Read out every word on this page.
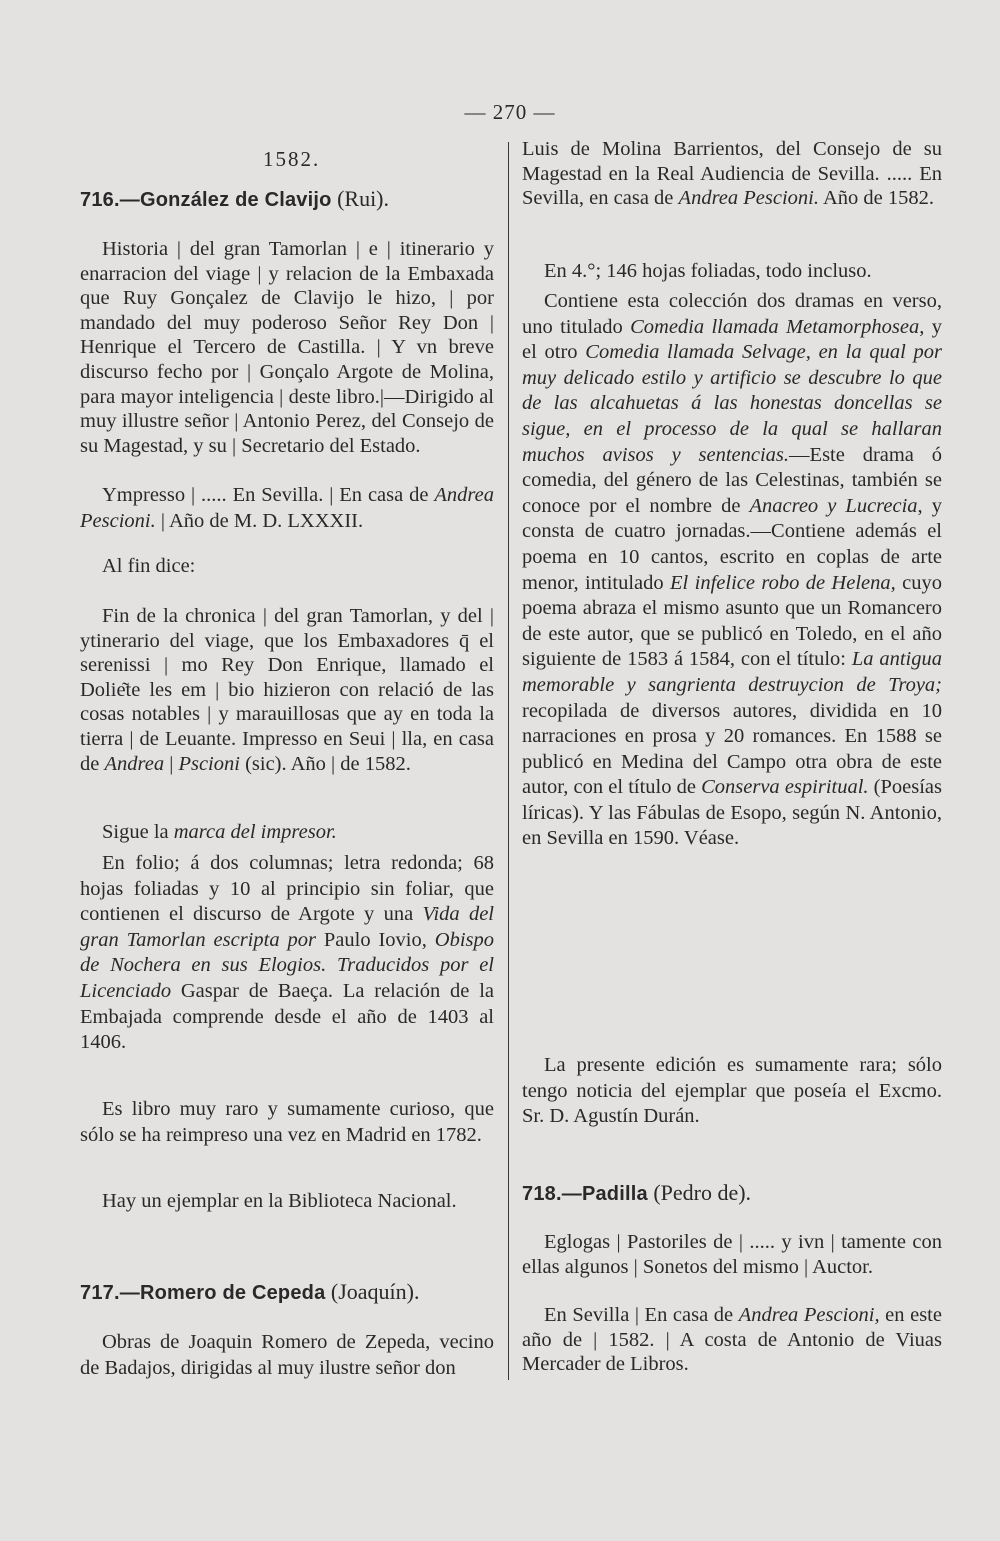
— 270 —
1582.
716.—González de Clavijo (Rui).

Historia | del gran Tamorlan | e | itinerario y enarracion del viage | y relacion de la Embaxada que Ruy Gonçalez de Clavijo le hizo, | por mandado del muy poderoso Señor Rey Don | Henrique el Tercero de Castilla. | Y vn breve discurso fecho por | Gonçalo Argote de Molina, para mayor inteligencia | deste libro.|—Dirigido al muy illustre señor | Antonio Perez, del Consejo de su Magestad, y su | Secretario del Estado.

Ympresso | ..... En Sevilla. | En casa de Andrea Pescioni. | Año de M. D. LXXXII.

Al fin dice:

Fin de la chronica | del gran Tamorlan, y del | ytinerario del viage, que los Embaxadores q̄ el serenissi | mo Rey Don Enrique, llamado el Dolie͂te les em | bio hizieron con relació de las cosas notables | y marauillosas que ay en toda la tierra | de Leuante. Impresso en Seui | lla, en casa de Andrea | Pscioni (sic). Año | de 1582.

Sigue la marca del impresor.

En folio; á dos columnas; letra redonda; 68 hojas foliadas y 10 al principio sin foliar, que contienen el discurso de Argote y una Vida del gran Tamorlan escripta por Paulo Iovio, Obispo de Nochera en sus Elogios. Traducidos por el Licenciado Gaspar de Baeça. La relación de la Embajada comprende desde el año de 1403 al 1406.

Es libro muy raro y sumamente curioso, que sólo se ha reimpreso una vez en Madrid en 1782.

Hay un ejemplar en la Biblioteca Nacional.

717.—Romero de Cepeda (Joaquín).

Obras de Joaquin Romero de Zepeda, vecino de Badajos, dirigidas al muy ilustre señor don

Luis de Molina Barrientos, del Consejo de su Magestad en la Real Audiencia de Sevilla. ..... En Sevilla, en casa de Andrea Pescioni. Año de 1582.

En 4.°; 146 hojas foliadas, todo incluso.

Contiene esta colección dos dramas en verso, uno titulado Comedia llamada Metamorphosea, y el otro Comedia llamada Selvage, en la qual por muy delicado estilo y artificio se descubre lo que de las alcahuetas á las honestas doncellas se sigue, en el processo de la qual se hallaran muchos avisos y sentencias.—Este drama ó comedia, del género de las Celestinas, también se conoce por el nombre de Anacreo y Lucrecia, y consta de cuatro jornadas.—Contiene además el poema en 10 cantos, escrito en coplas de arte menor, intitulado El infelice robo de Helena, cuyo poema abraza el mismo asunto que un Romancero de este autor, que se publicó en Toledo, en el año siguiente de 1583 á 1584, con el título: La antigua memorable y sangrienta destruycion de Troya; recopilada de diversos autores, dividida en 10 narraciones en prosa y 20 romances. En 1588 se publicó en Medina del Campo otra obra de este autor, con el título de Conserva espiritual. (Poesías líricas). Y las Fábulas de Esopo, según N. Antonio, en Sevilla en 1590. Véase.

La presente edición es sumamente rara; sólo tengo noticia del ejemplar que poseía el Excmo. Sr. D. Agustín Durán.

718.—Padilla (Pedro de).

Eglogas | Pastoriles de | ..... y ivn | tamente con ellas algunos | Sonetos del mismo | Auctor.

En Sevilla | En casa de Andrea Pescioni, en este año de | 1582. | A costa de Antonio de Viuas Mercader de Libros.
